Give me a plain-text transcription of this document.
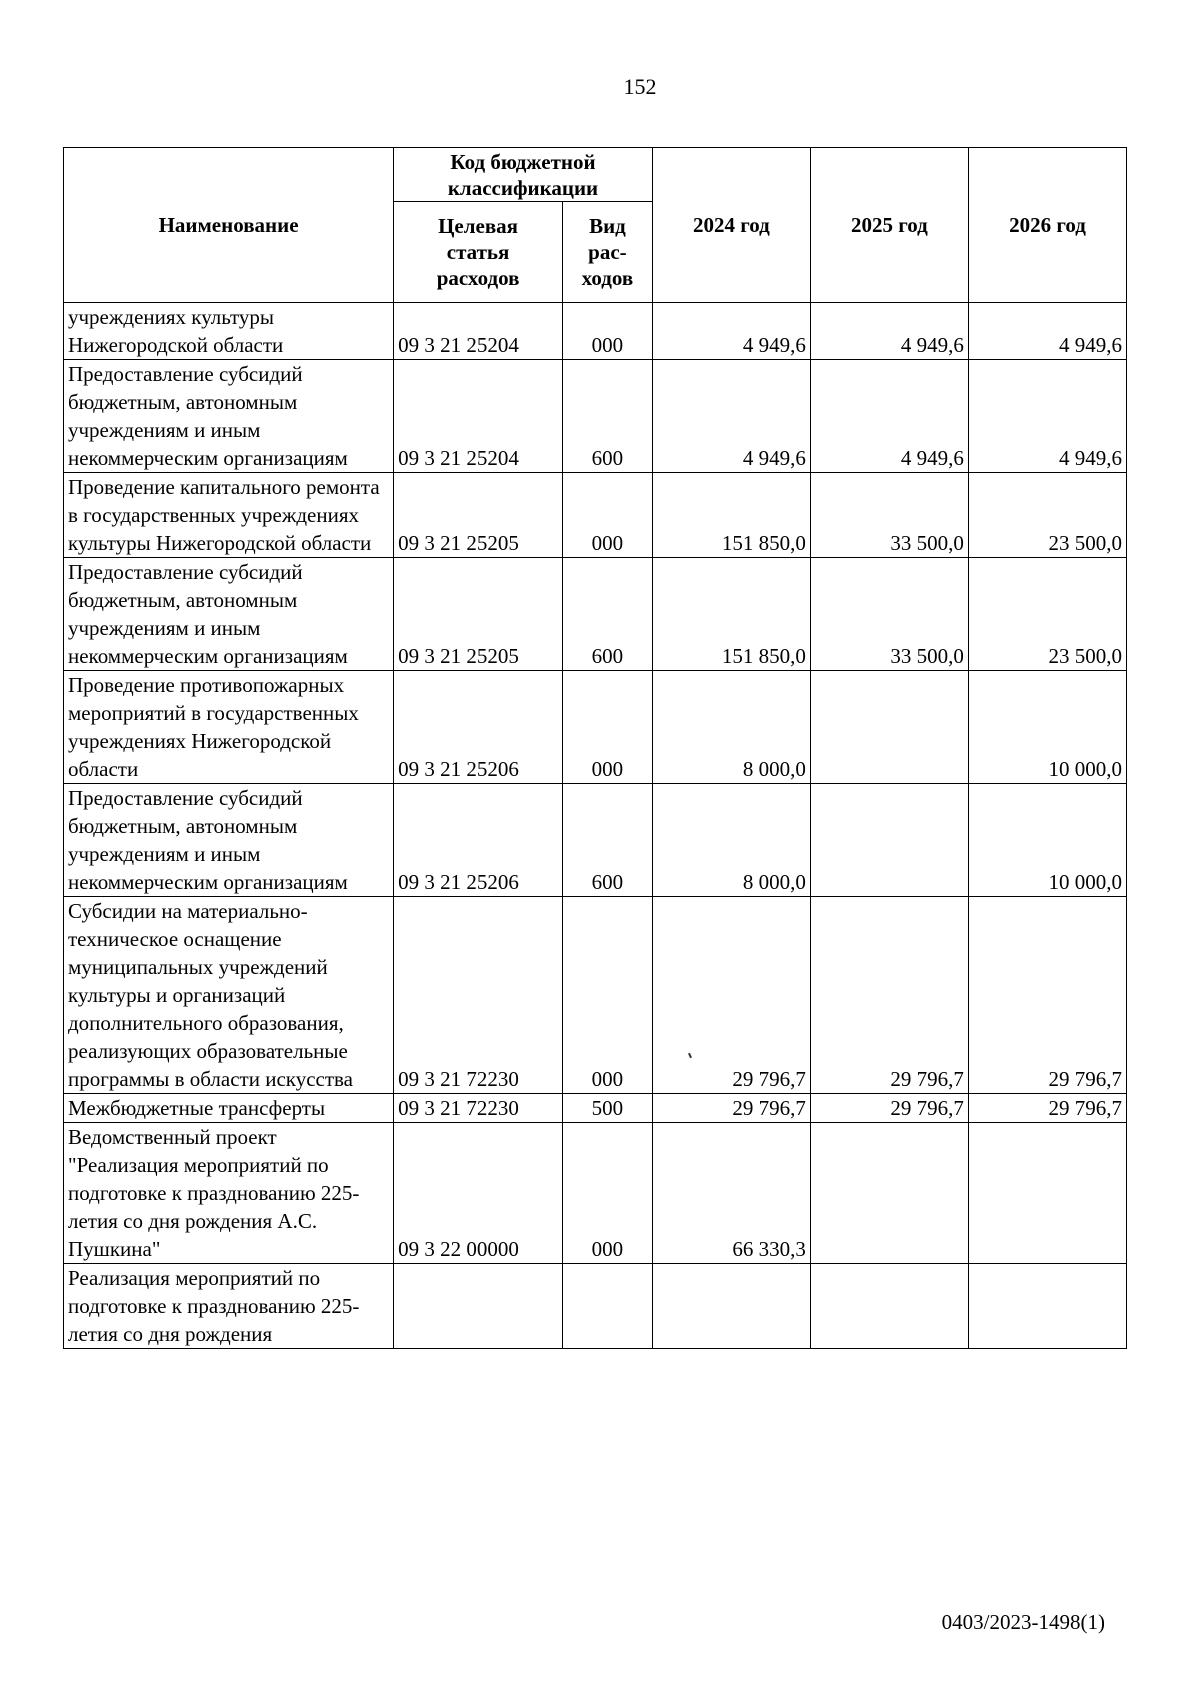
152
Наименование	Код бюджетной классификации		2024 год	2025 год	2026 год
	Целевая статья расходов	Вид рас- ходов			
учреждениях культуры Нижегородской области	09 3 21 25204	000	4 949,6	4 949,6	4 949,6
Предоставление субсидий бюджетным, автономным учреждениям и иным некоммерческим организациям	09 3 21 25204	600	4 949,6	4 949,6	4 949,6
Проведение капитального ремонта в государственных учреждениях культуры Нижегородской области	09 3 21 25205	000	151 850,0	33 500,0	23 500,0
Предоставление субсидий бюджетным, автономным учреждениям и иным некоммерческим организациям	09 3 21 25205	600	151 850,0	33 500,0	23 500,0
Проведение противопожарных мероприятий в государственных учреждениях Нижегородской области	09 3 21 25206	000	8 000,0		10 000,0
Предоставление субсидий бюджетным, автономным учреждениям и иным некоммерческим организациям	09 3 21 25206	600	8 000,0		10 000,0
Субсидии на материально-техническое оснащение муниципальных учреждений культуры и организаций дополнительного образования, реализующих образовательные программы в области искусства	09 3 21 72230	000	29 796,7	29 796,7	29 796,7
Межбюджетные трансферты	09 3 21 72230	500	29 796,7	29 796,7	29 796,7
Ведомственный проект "Реализация мероприятий по подготовке к празднованию 225-летия со дня рождения А.С. Пушкина"	09 3 22 00000	000	66 330,3		
Реализация мероприятий по подготовке к празднованию 225-летия со дня рождения					
0403/2023-1498(1)
